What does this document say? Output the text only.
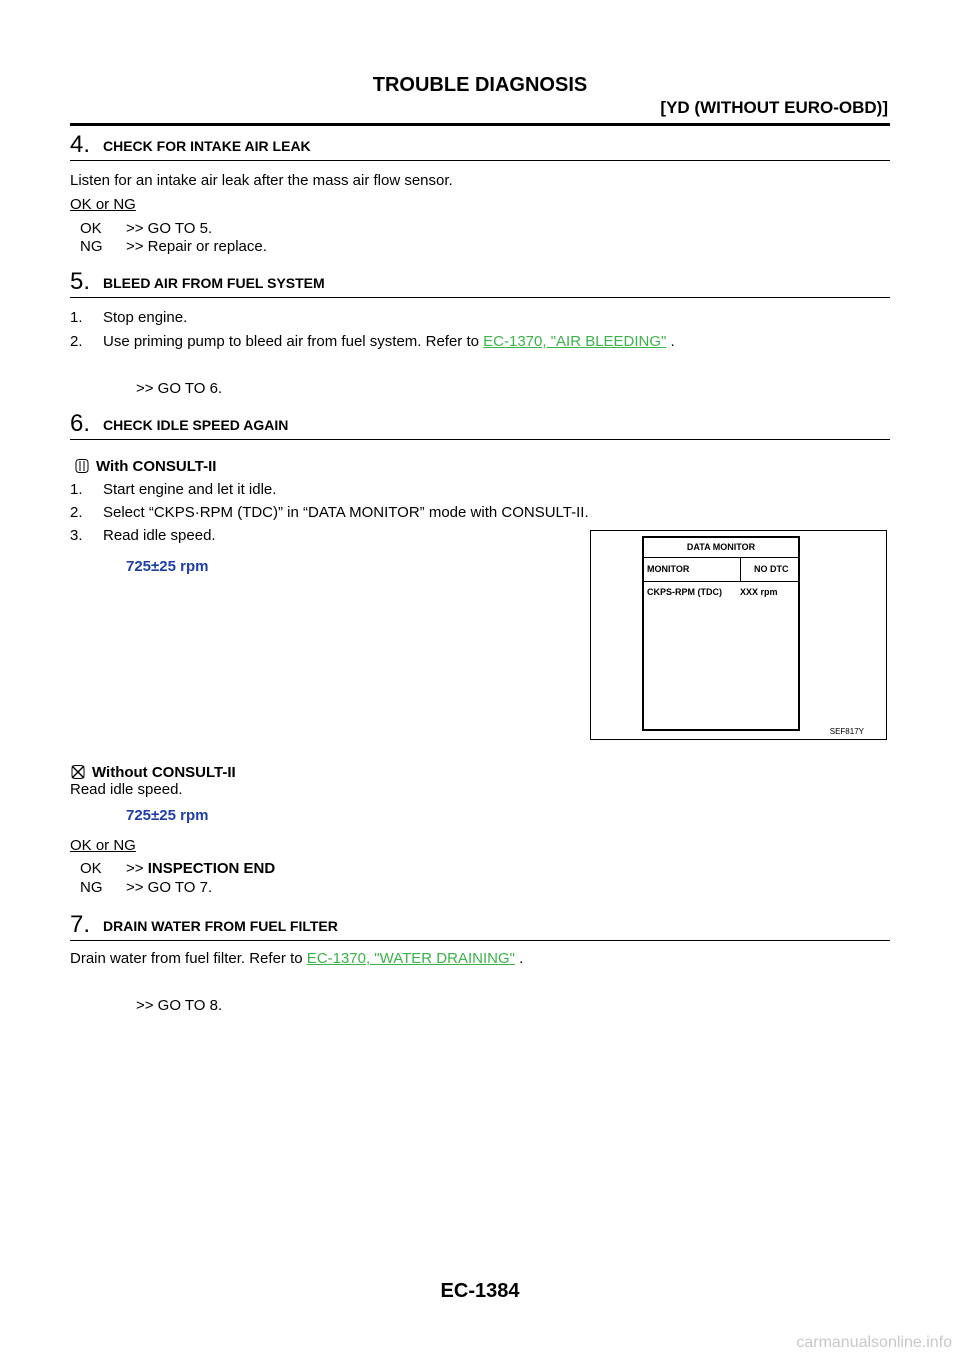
TROUBLE DIAGNOSIS
[YD (WITHOUT EURO-OBD)]
4. CHECK FOR INTAKE AIR LEAK
Listen for an intake air leak after the mass air flow sensor.
OK or NG
OK >> GO TO 5.
NG >> Repair or replace.
5. BLEED AIR FROM FUEL SYSTEM
1. Stop engine.
2. Use priming pump to bleed air from fuel system. Refer to EC-1370, "AIR BLEEDING" .
>> GO TO 6.
6. CHECK IDLE SPEED AGAIN
With CONSULT-II
1. Start engine and let it idle.
2. Select “CKPS·RPM (TDC)” in “DATA MONITOR” mode with CONSULT-II.
3. Read idle speed.
725±25 rpm
DATA MONITOR
MONITOR	NO DTC
CKPS-RPM (TDC) XXX rpm
SEF817Y
Without CONSULT-II
Read idle speed.
725±25 rpm
OK or NG
OK >> INSPECTION END
NG >> GO TO 7.
7. DRAIN WATER FROM FUEL FILTER
Drain water from fuel filter. Refer to EC-1370, "WATER DRAINING" .
>> GO TO 8.
EC-1384
carmanualsonline.info
